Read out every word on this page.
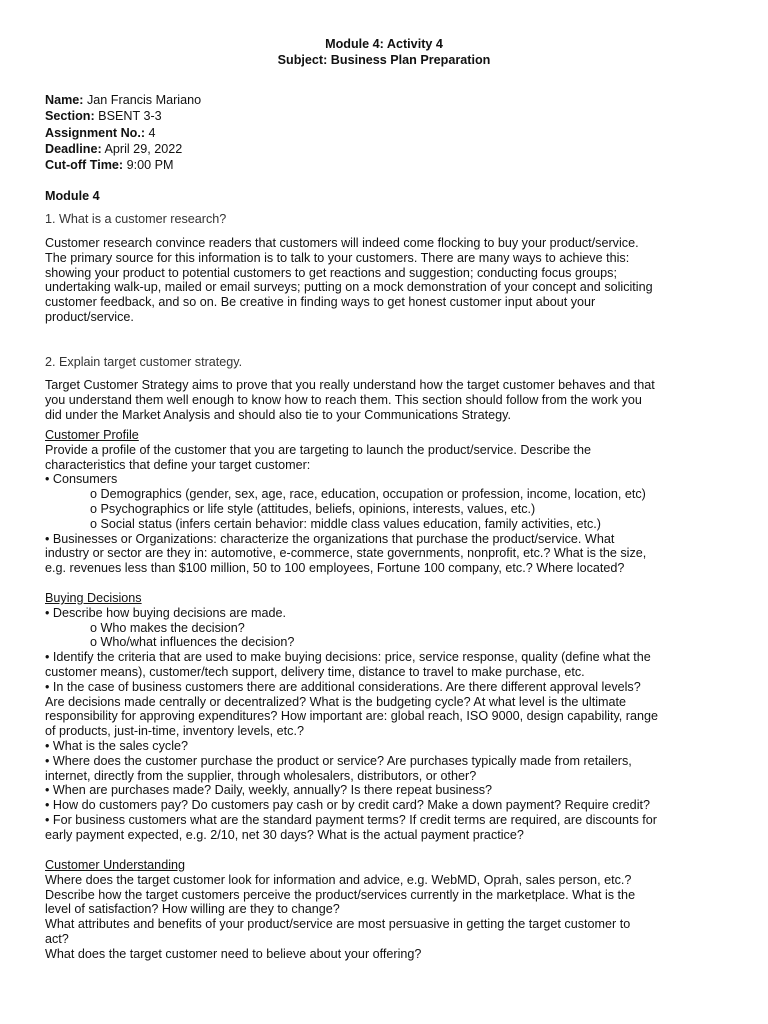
Module 4: Activity 4
Subject: Business Plan Preparation
Name: Jan Francis Mariano
Section: BSENT 3-3
Assignment No.: 4
Deadline: April 29, 2022
Cut-off Time: 9:00 PM

Module 4

1. What is a customer research?

Customer research convince readers that customers will indeed come flocking to buy your product/service.

The primary source for this information is to talk to your customers. There are many ways to achieve this:

showing your product to potential customers to get reactions and suggestion; conducting focus groups;

undertaking walk-up, mailed or email surveys; putting on a mock demonstration of your concept and soliciting

customer feedback, and so on. Be creative in finding ways to get honest customer input about your

product/service.

2. Explain target customer strategy.

Target Customer Strategy aims to prove that you really understand how the target customer behaves and that

you understand them well enough to know how to reach them. This section should follow from the work you

did under the Market Analysis and should also tie to your Communications Strategy.

Customer Profile

Provide a profile of the customer that you are targeting to launch the product/service. Describe the

characteristics that define your target customer:

• Consumers

o Demographics (gender, sex, age, race, education, occupation or profession, income, location, etc)

o Psychographics or life style (attitudes, beliefs, opinions, interests, values, etc.)

o Social status (infers certain behavior: middle class values education, family activities, etc.)

• Businesses or Organizations: characterize the organizations that purchase the product/service. What

industry or sector are they in: automotive, e-commerce, state governments, nonprofit, etc.? What is the size,

e.g. revenues less than $100 million, 50 to 100 employees, Fortune 100 company, etc.? Where located?

Buying Decisions

• Describe how buying decisions are made.

o Who makes the decision?

o Who/what influences the decision?

• Identify the criteria that are used to make buying decisions: price, service response, quality (define what the

customer means), customer/tech support, delivery time, distance to travel to make purchase, etc.

• In the case of business customers there are additional considerations. Are there different approval levels?

Are decisions made centrally or decentralized? What is the budgeting cycle? At what level is the ultimate

responsibility for approving expenditures? How important are: global reach, ISO 9000, design capability, range

of products, just-in-time, inventory levels, etc.?

• What is the sales cycle?

• Where does the customer purchase the product or service? Are purchases typically made from retailers,

internet, directly from the supplier, through wholesalers, distributors, or other?

• When are purchases made? Daily, weekly, annually? Is there repeat business?

• How do customers pay? Do customers pay cash or by credit card? Make a down payment? Require credit?

• For business customers what are the standard payment terms? If credit terms are required, are discounts for

early payment expected, e.g. 2/10, net 30 days? What is the actual payment practice?

Customer Understanding

Where does the target customer look for information and advice, e.g. WebMD, Oprah, sales person, etc.?

Describe how the target customers perceive the product/services currently in the marketplace. What is the

level of satisfaction? How willing are they to change?

What attributes and benefits of your product/service are most persuasive in getting the target customer to

act?

What does the target customer need to believe about your offering?
